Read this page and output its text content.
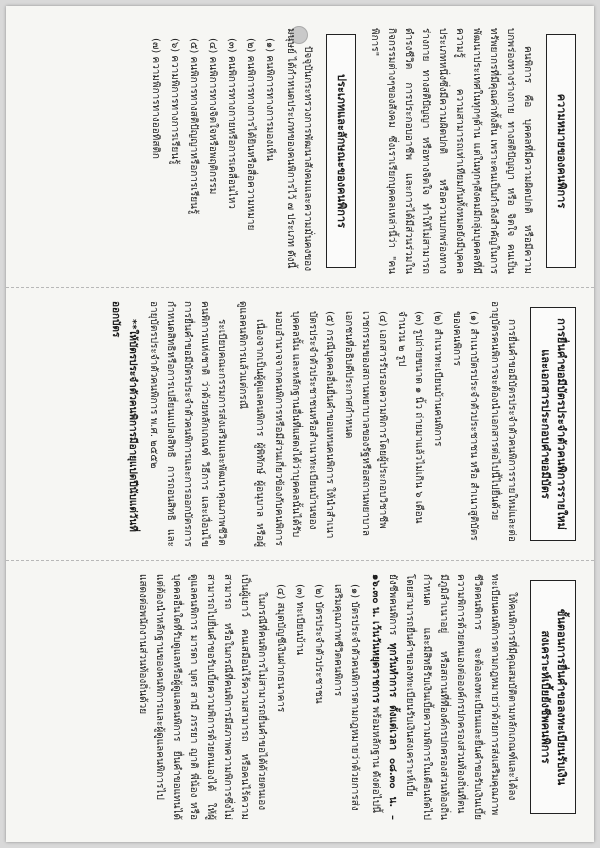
ความหมายของคนพิการ

คนพิการ คือ บุคคลที่มีความผิดปกติ หรือมีความบกพร่องทางร่างกาย ทางสติปัญญา หรือ จิตใจ คนเป็นทรัพยากรที่มีคุณค่าทั้งสิ้น เพราะคนเป็นกำลังสำคัญในการพัฒนาประเทศในทุกๆด้าน แต่ในทุกๆสังคมมีกลุ่มบุคคลที่มีความรู้ ความสามารถเท่าเทียมกันทั้งหมดยังมีบุคคลประเภทหนึ่งซึ่งมีความผิดปกติ หรือความบกพร่องทางร่างกาย ทางสติปัญญา หรือทางจิตใจ ทำให้ไม่สามารถดำรงชีวิต การประกอบอาชีพ และการได้มีส่วนร่วมในกิจกรรมต่างๆของสังคม ซึ่งเราเรียกบุคคลเหล่านี้ว่า "คนพิการ"

ประเภทและลักษณะของคนพิการ

ปัจจุบันกระทรวงการพัฒนาสังคมและความมั่นคงของมนุษย์ ได้กำหนดประเภทของคนพิการไว้ ๗ ประเภท ดังนี้

(๑) คนพิการทางการมองเห็น
(๒) คนพิการทางการได้ยินหรือสื่อความหมาย
(๓) คนพิการทางกายหรือการเคลื่อนไหว
(๔) คนพิการทางจิตใจหรือพฤติกรรม
(๕) คนพิการทางสติปัญญาหรือการเรียนรู้
(๖) ความพิการทางการเรียนรู้
(๗) ความพิการทางออทิสติก
การยื่นคำขอมีบัตรประจำตัวคนพิการรายใหม่ และเอกสารประกอบคำขอมีบัตร

การยื่นคำขอมีบัตรประจำตัวคนพิการรายใหม่และต่ออายุบัตรคนพิการจะต้องนำเอกสารต่อไปนี้ไปยื่นด้วย

(๑) สำเนาบัตรประจำตัวประชาชน หรือ สำเนาสูติบัตรของคนพิการ
(๒) สำเนาทะเบียนบ้านคนพิการ
(๓) รูปถ่ายขนาด ๑ นิ้ว ถ่ายมาแล้วไม่เกิน ๖ เดือน จำนวน ๒ รูป
(๔) เอกสารรับรองความพิการโดยผู้ประกอบวิชาชีพเวชกรรมของสถานพยาบาลของรัฐหรือสถานพยาบาลเอกชนที่อธิบดีประกาศกำหนด
(๕) กรณีบุคคลอื่นยื่นคำขอแทนคนพิการ ให้นำสำเนาบัตรประจำตัวประชาชนหรือสำเนาทะเบียนบ้านของบุคคลนั้น และหลักฐานอื่นที่แสดงได้ว่าบุคคลนั้นได้รับมอบอำนาจจากคนพิการหรือมีส่วนเกี่ยวข้องกับคนพิการ

เนื่องจากเป็นผู้ดูแลคนพิการ ผู้พิทักษ์ ผู้อนุบาล หรือผู้ดูแลคนพิการแล้วแต่กรณี

ระเบียบคณะกรรมการส่งเสริมและพัฒนาคุณภาพชีวิตคนพิการแห่งชาติ ว่าด้วยหลักเกณฑ์ วิธีการ และเงื่อนไขการยื่นคำขอมีบัตรประจำตัวคนพิการและการออกบัตรการกำหนดสิทธิหรือการเปลี่ยนแปลงสิทธิ การถอนสิทธิ และอายุบัตรประจำตัวคนพิการ พ.ศ. ๒๕๕๒

**ให้บัตรประจำตัวคนพิการมีอายุแปดปีนับแต่วันที่ออกบัตร

ขั้นตอนการยื่นคำขอลงทะเบียนรับเงินสงเคราะห์เบี้ยยังชีพคนพิการ

ให้คนพิการที่มีคุณสมบัติตามหลักเกณฑ์และได้ลงทะเบียนคนพิการตามกฎหมายว่าด้วยการส่งเสริมคุณภาพชีวิตคนพิการ จะต้องลงทะเบียนและยื่นคำขอรับเงินเบี้ยความพิการด้วยตนเองต่อองค์กรปกครองส่วนท้องถิ่นที่ตนมีภูมิลำเนาอยู่ หรือสถานที่ที่องค์กรปกครองส่วนท้องถิ่นกำหนด และมีสิทธิรับเงินเบี้ยความพิการในเดือนถัดไป โดยสามารถยื่นคำขอลงทะเบียนรับเงินสงเคราะห์เบี้ยยังชีพคนพิการ ทุกวันทำการ ตั้งแต่เวลา ๐๘.๓๐ น. – ๑๖.๓๐ น. เว้นวันหยุดราชการ พร้อมหลักฐาน ดังต่อไปนี้

(๑) บัตรประจำตัวคนพิการตามกฎหมายว่าด้วยการส่งเสริมคุณภาพชีวิตคนพิการ
(๒) บัตรประจำตัวประชาชน
(๓) ทะเบียนบ้าน
(๔) สมุดบัญชีเงินฝากธนาคาร

ในกรณีที่คนพิการไม่สามารถยื่นคำขอได้ด้วยตนเอง เป็นผู้เยาว์ คนเสมือนไร้ความสามารถ หรือคนไร้ความสามารถ หรือในกรณีที่คนพิการมีสภาพความพิการซึ่งไม่สามารถไปยื่นคำขอรับเบี้ยความพิการด้วยตนเองได้ ให้ผู้ดูแลคนพิการ มารดา บุตร สามี ภรรยา ญาติ พี่น้อง หรือบุคคลอื่นใดที่รับดูแลหรือผู้ดูแลคนพิการ ยื่นคำขอแทนได้ แต่ต้องนำหลักฐานของคนพิการและผู้ดูแลคนพิการไปแสดงต่อพนักงานส่วนท้องถิ่นด้วย
